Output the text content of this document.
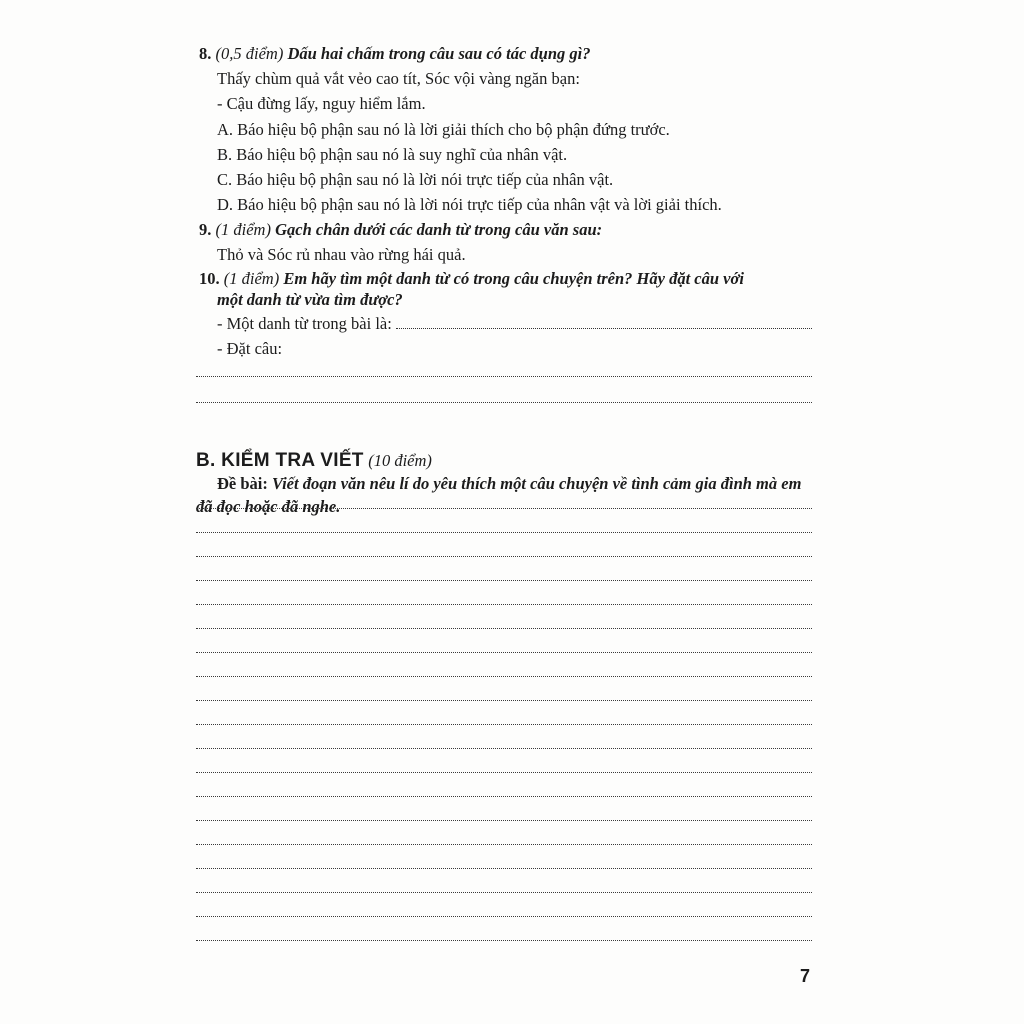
8. (0,5 điểm) Dấu hai chấm trong câu sau có tác dụng gì?
Thấy chùm quả vắt vẻo cao tít, Sóc vội vàng ngăn bạn:
- Cậu đừng lấy, nguy hiểm lắm.
A. Báo hiệu bộ phận sau nó là lời giải thích cho bộ phận đứng trước.
B. Báo hiệu bộ phận sau nó là suy nghĩ của nhân vật.
C. Báo hiệu bộ phận sau nó là lời nói trực tiếp của nhân vật.
D. Báo hiệu bộ phận sau nó là lời nói trực tiếp của nhân vật và lời giải thích.
9. (1 điểm) Gạch chân dưới các danh từ trong câu văn sau:
Thỏ và Sóc rủ nhau vào rừng hái quả.
10. (1 điểm) Em hãy tìm một danh từ có trong câu chuyện trên? Hãy đặt câu với
một danh từ vừa tìm được?
- Một danh từ trong bài là:
- Đặt câu:
B. KIỂM TRA VIẾT (10 điểm)
Đề bài: Viết đoạn văn nêu lí do yêu thích một câu chuyện về tình cảm gia đình mà em đã đọc hoặc đã nghe.
7
